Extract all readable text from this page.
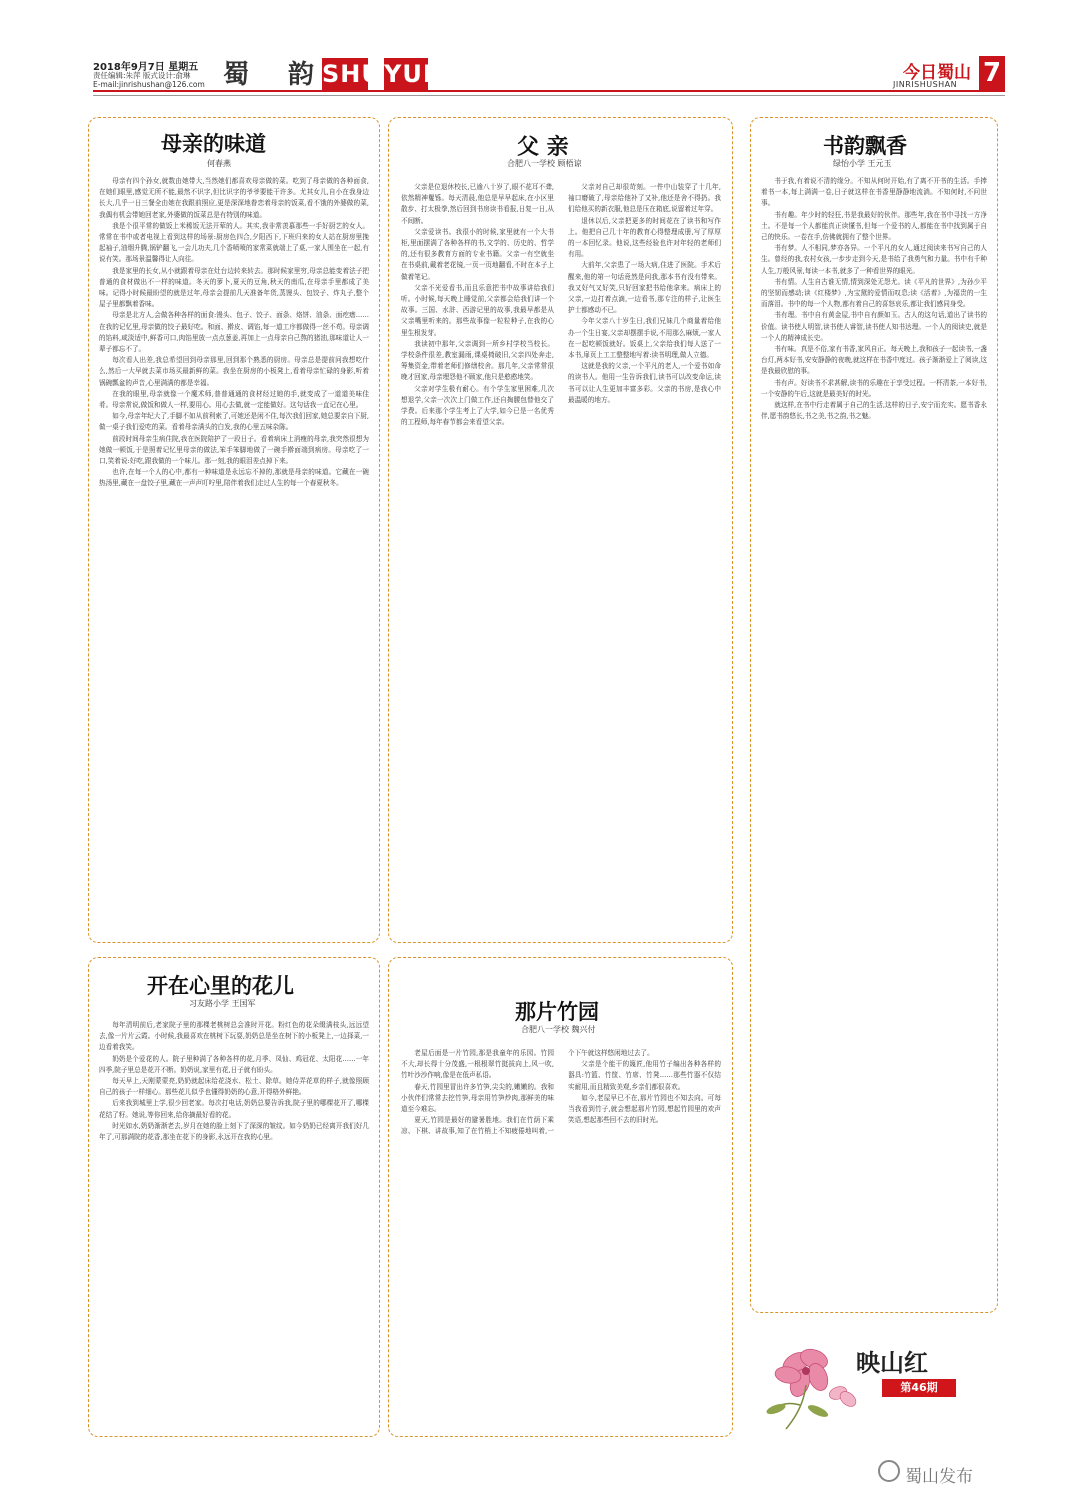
2018年9月7日 星期五
责任编辑:朱萍 版式设计:俞琳
E-mail:jinrishushan@126.com 蜀 韵 SHU YUN	今日蜀山
JINRISHUSHAN 7
母亲的味道
何春燕

母亲有四个孙女,就数由她带大,当然她们都喜欢母亲做的菜。吃到了母亲做的各种面食,在她们眼里,感觉无所不能,最然不识字,但比识字的爷爷要能干许多。尤其女儿,自小在我身边长大,几乎一日三餐全由她在我跟前照应,更是深深地眷恋着母亲的饭菜,看不饿的外婆做的菜,我偶有机会带她回老家,外婆做的饭菜总是有特别的味道。

我是个很平常的做饭上米稀饭无法开荤的人。其实,我非常羡慕那些一手好厨艺的女人。常常在书中或者电视上看到这样的场景:厨房色四合,夕阳西下,下班归来的女人站在厨房里挽起袖子,油烟升腾,锅铲翻飞,一会儿功夫,几个香喷喷的家常菜就端上了桌,一家人围坐在一起,有说有笑。那场景温馨得让人向往。

我是家里的长女,从小就跟着母亲在灶台边转来转去。那时候家里穷,母亲总能变着法子把普通的食材做出不一样的味道。冬天的萝卜,夏天的豆角,秋天的南瓜,在母亲手里都成了美味。记得小时候最盼望的就是过年,母亲会提前几天准备年货,蒸馒头、包饺子、炸丸子,整个屋子里都飘着香味。

母亲是北方人,会做各种各样的面食:馒头、包子、饺子、面条、烙饼、油条、面疙瘩……在我的记忆里,母亲做的饺子最好吃。和面、擀皮、调馅,每一道工序都做得一丝不苟。母亲调的馅料,咸淡适中,鲜香可口,肉馅里放一点点葱姜,再加上一点母亲自己熬的猪油,那味道让人一辈子都忘不了。

每次看人出差,我总希望回到母亲那里,回到那个熟悉的厨房。母亲总是提前问我想吃什么,然后一大早就去菜市场买最新鲜的菜。我坐在厨房的小板凳上,看着母亲忙碌的身影,听着锅碗瓢盆的声音,心里满满的都是幸福。

在我的眼里,母亲就像一个魔术师,普普通通的食材经过她的手,就变成了一道道美味佳肴。母亲常说,做饭和做人一样,要用心。用心去做,就一定能做好。这句话我一直记在心里。

如今,母亲年纪大了,手脚不如从前利索了,可她还是闲不住,每次我们回家,她总要亲自下厨,做一桌子我们爱吃的菜。看着母亲满头的白发,我的心里五味杂陈。

前段时间母亲生病住院,我在医院陪护了一段日子。看着病床上消瘦的母亲,我突然很想为她做一顿饭,于是照着记忆里母亲的做法,笨手笨脚地做了一碗手擀面端到病房。母亲吃了一口,笑着说:好吃,跟我做的一个味儿。那一刻,我的眼泪差点掉下来。

也许,在每一个人的心中,都有一种味道是永远忘不掉的,那就是母亲的味道。它藏在一碗热汤里,藏在一盘饺子里,藏在一声声叮咛里,陪伴着我们走过人生的每一个春夏秋冬。

父 亲
合肥八一学校 顾梧谅

父亲是位退休校长,已逾八十岁了,眼不花耳不聋,依然精神矍铄。每天清晨,他总是早早起床,在小区里散步、打太极拳,然后回到书房读书看报,日复一日,从不间断。

父亲爱读书。我很小的时候,家里就有一个大书柜,里面摆满了各种各样的书,文学的、历史的、哲学的,还有很多教育方面的专业书籍。父亲一有空就坐在书桌前,戴着老花镜,一页一页地翻看,不时在本子上做着笔记。

父亲不光爱看书,而且乐意把书中故事讲给我们听。小时候,每天晚上睡觉前,父亲都会给我们讲一个故事。三国、水浒、西游记里的故事,我最早都是从父亲嘴里听来的。那些故事像一粒粒种子,在我的心里生根发芽。

我读初中那年,父亲调到一所乡村学校当校长。学校条件很差,教室漏雨,课桌椅破旧,父亲四处奔走,筹集资金,带着老师们修缮校舍。那几年,父亲常常很晚才回家,母亲埋怨他不顾家,他只是憨憨地笑。

父亲对学生极有耐心。有个学生家里困难,几次想退学,父亲一次次上门做工作,还自掏腰包替他交了学费。后来那个学生考上了大学,如今已是一名优秀的工程师,每年春节都会来看望父亲。

父亲对自己却很苛刻。一件中山装穿了十几年,袖口磨破了,母亲给他补了又补,他还是舍不得扔。我们给他买的新衣服,他总是压在箱底,说留着过年穿。

退休以后,父亲把更多的时间花在了读书和写作上。他把自己几十年的教育心得整理成册,写了厚厚的一本回忆录。他说,这些经验也许对年轻的老师们有用。

大前年,父亲患了一场大病,住进了医院。手术后醒来,他的第一句话竟然是问我,那本书有没有带来。我又好气又好笑,只好回家把书给他拿来。病床上的父亲,一边打着点滴,一边看书,那专注的样子,让医生护士都感动不已。

今年父亲八十岁生日,我们兄妹几个商量着给他办一个生日宴,父亲却摆摆手说,不用那么麻烦,一家人在一起吃顿饭就好。饭桌上,父亲给我们每人送了一本书,扉页上工工整整地写着:读书明理,做人立德。

这就是我的父亲,一个平凡的老人,一个爱书如命的读书人。他用一生告诉我们,读书可以改变命运,读书可以让人生更加丰富多彩。父亲的书房,是我心中最温暖的地方。

书韵飘香
绿怡小学 王元玉

书于我,有着说不清的缘分。不知从何时开始,有了离不开书的生活。手捧着书一本,每上满满一卷,日子就这样在书香里静静地流淌。不知何时,不问世事。

书有趣。年少时的轻狂,书是我最好的伙伴。那些年,我在书中寻找一方净土。不是每一个人都能真正读懂书,但每一个爱书的人,都能在书中找到属于自己的快乐。一卷在手,仿佛就拥有了整个世界。

书有梦。人不相同,梦亦各异。一个平凡的女人,通过阅读来书写自己的人生。曾经的我,农村女孩,一步步走到今天,是书给了我勇气和力量。书中有千种人生,万般风景,每读一本书,就多了一种看世界的眼光。

书有情。人生自古谁无情,情到深处无怨尤。读《平凡的世界》,为孙少平的坚韧而感动;读《红楼梦》,为宝黛的爱情而叹息;读《活着》,为福贵的一生而落泪。书中的每一个人物,都有着自己的喜怒哀乐,都让我们感同身受。

书有理。书中自有黄金屋,书中自有颜如玉。古人的这句话,道出了读书的价值。读书使人明智,读书使人睿智,读书使人知书达理。一个人的阅读史,就是一个人的精神成长史。

书有味。真是不俗,家有书香,家风自正。每天晚上,我和孩子一起读书,一盏台灯,两本好书,安安静静的夜晚,就这样在书香中度过。孩子渐渐爱上了阅读,这是我最欣慰的事。

书有声。好读书不求甚解,读书的乐趣在于享受过程。一杯清茶,一本好书,一个安静的午后,这就是最美好的时光。

就这样,在书中行走着属于自己的生活,这样的日子,安宁而充实。愿书香永伴,愿书韵悠长,书之美,书之韵,书之魅。

开在心里的花儿
习友路小学 王国军

每年清明前后,老家院子里的那棵老桃树总会准时开花。粉红色的花朵缀满枝头,远远望去,像一片片云霞。小时候,我最喜欢在桃树下玩耍,奶奶总是坐在树下的小板凳上,一边择菜,一边看着我笑。

奶奶是个爱花的人。院子里种满了各种各样的花,月季、凤仙、鸡冠花、太阳花……一年四季,院子里总是花开不断。奶奶说,家里有花,日子就有盼头。

每天早上,天刚蒙蒙亮,奶奶就起床给花浇水、松土、除草。她侍弄花草的样子,就像照顾自己的孩子一样细心。那些花儿似乎也懂得奶奶的心意,开得格外鲜艳。

后来我到城里上学,很少回老家。每次打电话,奶奶总要告诉我,院子里的哪棵花开了,哪棵花结了籽。她说,等你回来,给你摘最好看的花。

时光如水,奶奶渐渐老去,岁月在她的脸上刻下了深深的皱纹。如今奶奶已经离开我们好几年了,可那满院的花香,那坐在花下的身影,永远开在我的心里。

那片竹园
合肥八一学校 魏兴付

老屋后面是一片竹园,那是我童年的乐园。竹园不大,却长得十分茂盛,一根根翠竹挺拔向上,风一吹,竹叶沙沙作响,像是在低声私语。

春天,竹园里冒出许多竹笋,尖尖的,嫩嫩的。我和小伙伴们常常去挖竹笋,母亲用竹笋炒肉,那鲜美的味道至今难忘。

夏天,竹园是最好的避暑胜地。我们在竹荫下乘凉、下棋、讲故事,知了在竹梢上不知疲倦地叫着,一个下午就这样悠闲地过去了。

父亲是个能干的篾匠,他用竹子编出各种各样的器具:竹篮、竹筐、竹席、竹凳……那些竹器不仅结实耐用,而且精致美观,乡亲们都很喜欢。

如今,老屋早已不在,那片竹园也不知去向。可每当我看到竹子,就会想起那片竹园,想起竹园里的欢声笑语,想起那些回不去的旧时光。

映山红
第46期
蜀山发布
